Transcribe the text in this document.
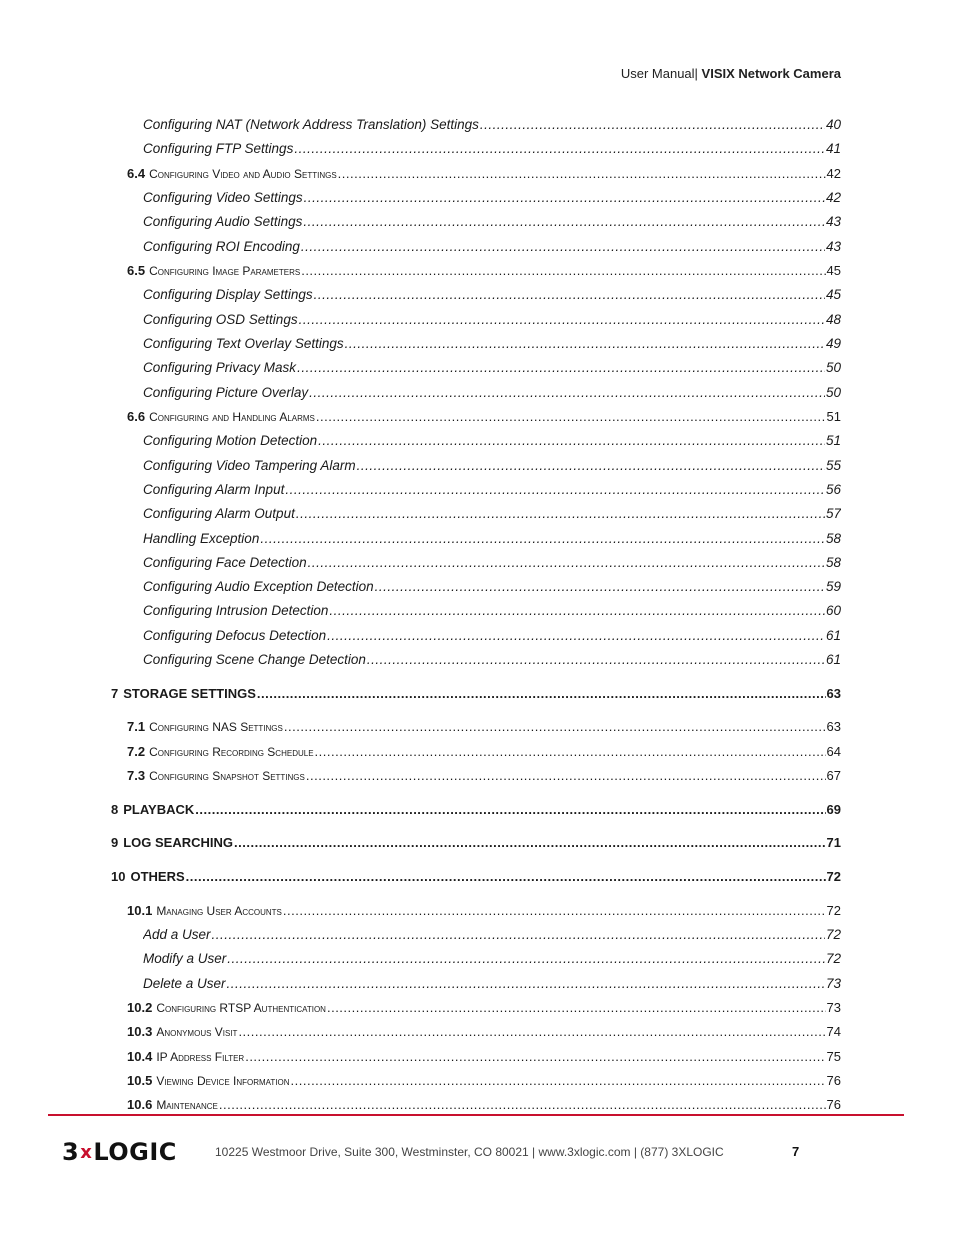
User Manual| VISIX Network Camera
Configuring NAT (Network Address Translation) Settings .....	40
Configuring FTP Settings .....	41
6.4 Configuring Video and Audio Settings .....	42
Configuring Video Settings .....	42
Configuring Audio Settings .....	43
Configuring ROI Encoding .....	43
6.5 Configuring Image Parameters .....	45
Configuring Display Settings .....	45
Configuring OSD Settings .....	48
Configuring Text Overlay Settings .....	49
Configuring Privacy Mask .....	50
Configuring Picture Overlay .....	50
6.6 Configuring and Handling Alarms .....	51
Configuring Motion Detection .....	51
Configuring Video Tampering Alarm .....	55
Configuring Alarm Input .....	56
Configuring Alarm Output .....	57
Handling Exception .....	58
Configuring Face Detection .....	58
Configuring Audio Exception Detection .....	59
Configuring Intrusion Detection .....	60
Configuring Defocus Detection .....	61
Configuring Scene Change Detection .....	61
7 STORAGE SETTINGS .....	63
7.1 Configuring NAS Settings .....	63
7.2 Configuring Recording Schedule .....	64
7.3 Configuring Snapshot Settings .....	67
8 PLAYBACK .....	69
9 LOG SEARCHING .....	71
10 OTHERS .....	72
10.1 Managing User Accounts .....	72
Add a User .....	72
Modify a User .....	72
Delete a User .....	73
10.2 Configuring RTSP Authentication .....	73
10.3 Anonymous Visit .....	74
10.4 IP Address Filter .....	75
10.5 Viewing Device Information .....	76
10.6 Maintenance .....	76
3 x LOGIC	10225 Westmoor Drive, Suite 300, Westminster, CO 80021 | www.3xlogic.com | (877) 3XLOGIC	7
